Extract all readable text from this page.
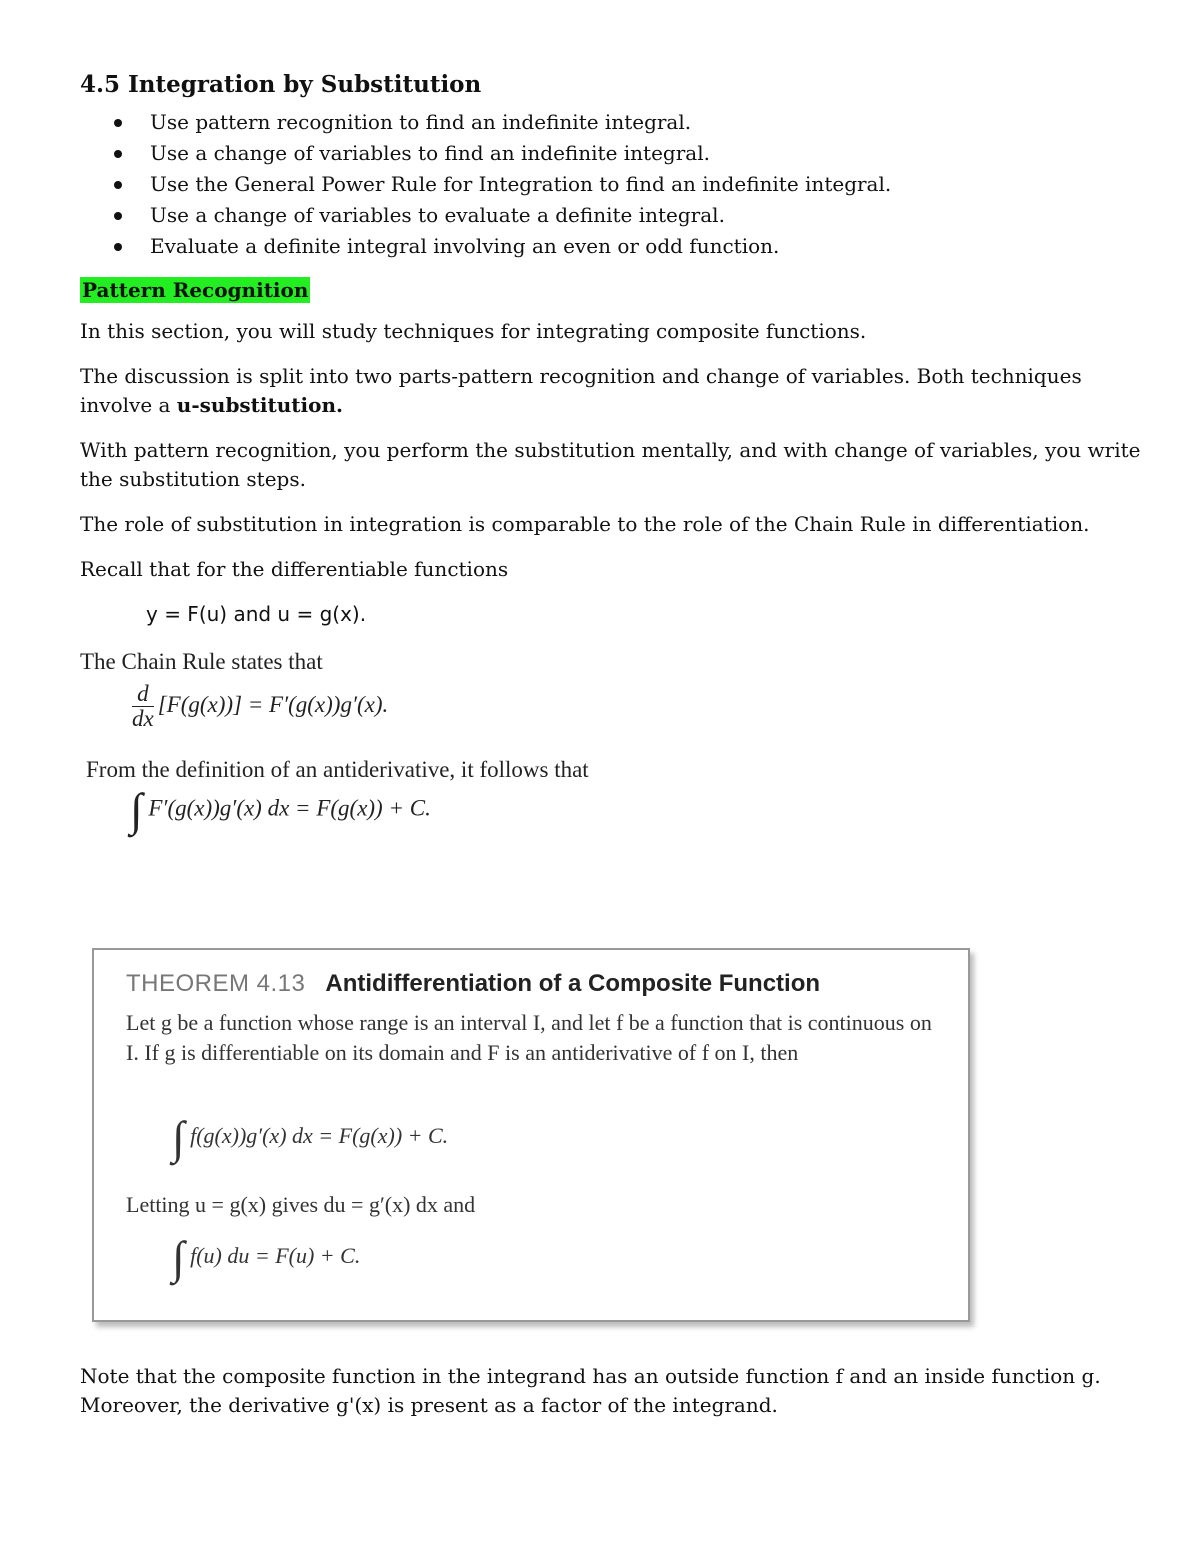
4.5 Integration by Substitution
Use pattern recognition to find an indefinite integral.
Use a change of variables to find an indefinite integral.
Use the General Power Rule for Integration to find an indefinite integral.
Use a change of variables to evaluate a definite integral.
Evaluate a definite integral involving an even or odd function.
Pattern Recognition

In this section, you will study techniques for integrating composite functions.

The discussion is split into two parts-pattern recognition and change of variables. Both techniques involve a u-substitution.

With pattern recognition, you perform the substitution mentally, and with change of variables, you write the substitution steps.

The role of substitution in integration is comparable to the role of the Chain Rule in differentiation.

Recall that for the differentiable functions

y = F(u) and u = g(x).

The Chain Rule states that

$\frac{d}{dx} [F(g(x))] = F'(g(x))g'(x)$.

From the definition of an antiderivative, it follows that

∫ F′(g(x))g′(x) dx = F(g(x)) + C.
THEOREM 4.13 Antidifferentiation of a Composite Function
Let g be a function whose range is an interval I, and let f be a function that is continuous on I. If g is differentiable on its domain and F is an antiderivative of f on I, then
∫ f(g(x))g′(x) dx = F(g(x)) + C.
Letting u = g(x) gives du = g′(x) dx and
∫ f(u) du = F(u) + C.

Note that the composite function in the integrand has an outside function f and an inside function g. Moreover, the derivative g'(x) is present as a factor of the integrand.
